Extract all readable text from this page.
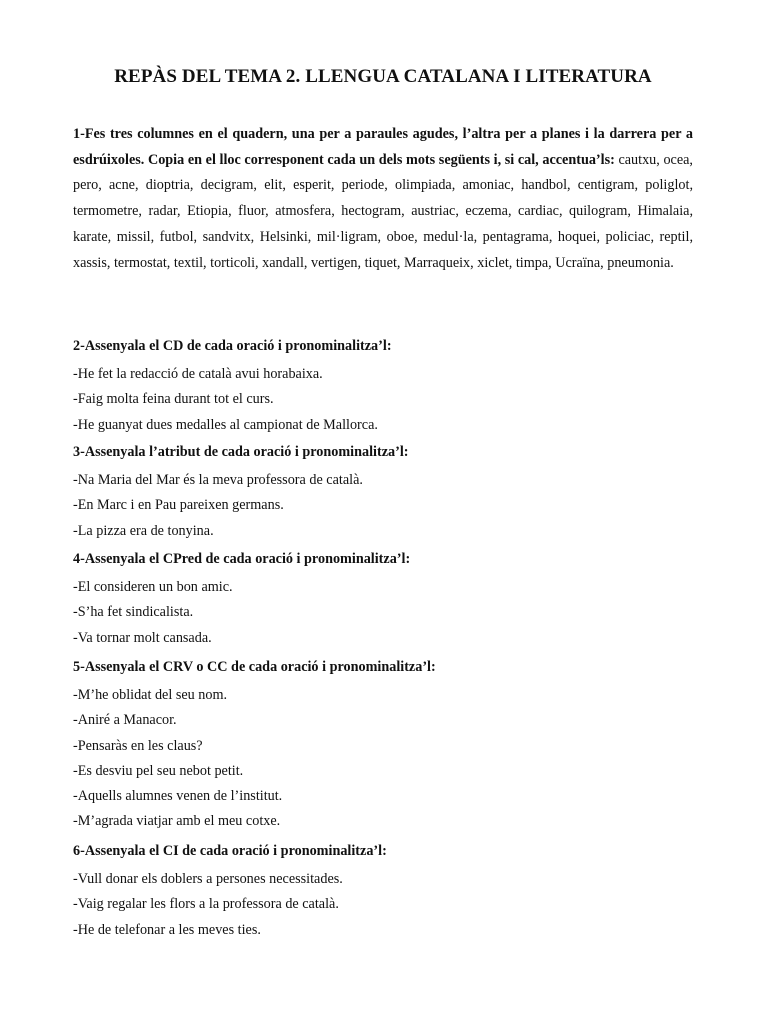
REPÀS DEL TEMA 2. LLENGUA CATALANA I LITERATURA

1-Fes tres columnes en el quadern, una per a paraules agudes, l’altra per a planes i la darrera per a esdrúixoles. Copia en el lloc corresponent cada un dels mots següents i, si cal, accentua’ls: cautxu, ocea, pero, acne, dioptria, decigram, elit, esperit, periode, olimpiada, amoniac, handbol, centigram, poliglot, termometre, radar, Etiopia, fluor, atmosfera, hectogram, austriac, eczema, cardiac, quilogram, Himalaia, karate, missil, futbol, sandvitx, Helsinki, mil·ligram, oboe, medul·la, pentagrama, hoquei, policiac, reptil, xassis, termostat, textil, torticoli, xandall, vertigen, tiquet, Marraqueix, xiclet, timpa, Ucraïna, pneumonia.

2-Assenyala el CD de cada oració i pronominalitza’l:

-He fet la redacció de català avui horabaixa.

-Faig molta feina durant tot el curs.

-He guanyat dues medalles al campionat de Mallorca.

3-Assenyala l’atribut de cada oració i pronominalitza’l:

-Na Maria del Mar és la meva professora de català.

-En Marc i en Pau pareixen germans.

-La pizza era de tonyina.

4-Assenyala el CPred de cada oració i pronominalitza’l:

-El consideren un bon amic.

-S’ha fet sindicalista.

-Va tornar molt cansada.

5-Assenyala el CRV o CC de cada oració i pronominalitza’l:

-M’he oblidat del seu nom.

-Aniré a Manacor.

-Pensaràs en les claus?

-Es desviu pel seu nebot petit.

-Aquells alumnes venen de l’institut.

-M’agrada viatjar amb el meu cotxe.

6-Assenyala el CI de cada oració i pronominalitza’l:

-Vull donar els doblers a persones necessitades.

-Vaig regalar les flors a la professora de català.

-He de telefonar a les meves ties.
